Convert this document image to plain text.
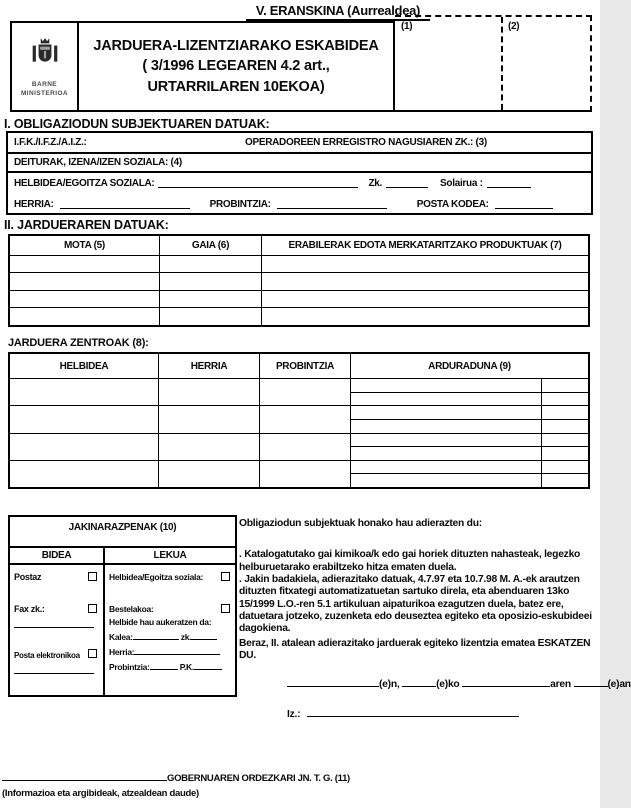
V. ERANSKINA (Aurrealdea)
BARNE
MINISTERIOA
JARDUERA-LIZENTZIARAKO ESKABIDEA
( 3/1996 LEGEAREN 4.2 art.,
URTARRILAREN 10EKOA)
(1)	(2)
I. OBLIGAZIODUN SUBJEKTUAREN DATUAK:
I.F.K./I.F.Z./A.I.Z.:	OPERADOREEN ERREGISTRO NAGUSIAREN ZK.: (3)
DEITURAK, IZENA/IZEN SOZIALA: (4)
HELBIDEA/EGOITZA SOZIALA:	Zk.	Solairua :
HERRIA:	PROBINTZIA:	POSTA KODEA:
II. JARDUERAREN DATUAK:
MOTA (5)	GAIA (6)	ERABILERAK EDOTA MERKATARITZAKO PRODUKTUAK (7)
JARDUERA ZENTROAK (8):
HELBIDEA	HERRIA	PROBINTZIA	ARDURADUNA (9)
JAKINARAZPENAK (10)
BIDEA	LEKUA
Postaz
Fax zk.:
Posta elektronikoa
Helbidea/Egoitza soziala:
Bestelakoa:
Helbide hau aukeratzen da:
Kalea:	zk.
Herria:
Probintzia:	P.K.

Obligaziodun subjektuak honako hau adierazten du:

. Katalogatutako gai kimikoa/k edo gai horiek dituzten nahasteak, legezko helburuetarako erabiltzeko hitza ematen duela.

. Jakin badakiela, adierazitako datuak, 4.7.97 eta 10.7.98 M. A.-ek arautzen dituzten fitxategi automatizatuetan sartuko direla, eta abenduaren 13ko 15/1999 L.O.-ren 5.1 artikuluan aipaturikoa ezagutzen duela, batez ere, datuetara jotzeko, zuzenketa edo deuseztea egiteko eta oposizio-eskubideei dagokiena.

Beraz, II. atalean adierazitako jarduerak egiteko lizentzia ematea ESKATZEN DU.

(e)n,	(e)ko	aren	(e)an
Iz.:
GOBERNUAREN ORDEZKARI JN. T. G. (11)
(Informazioa eta argibideak, atzealdean daude)
